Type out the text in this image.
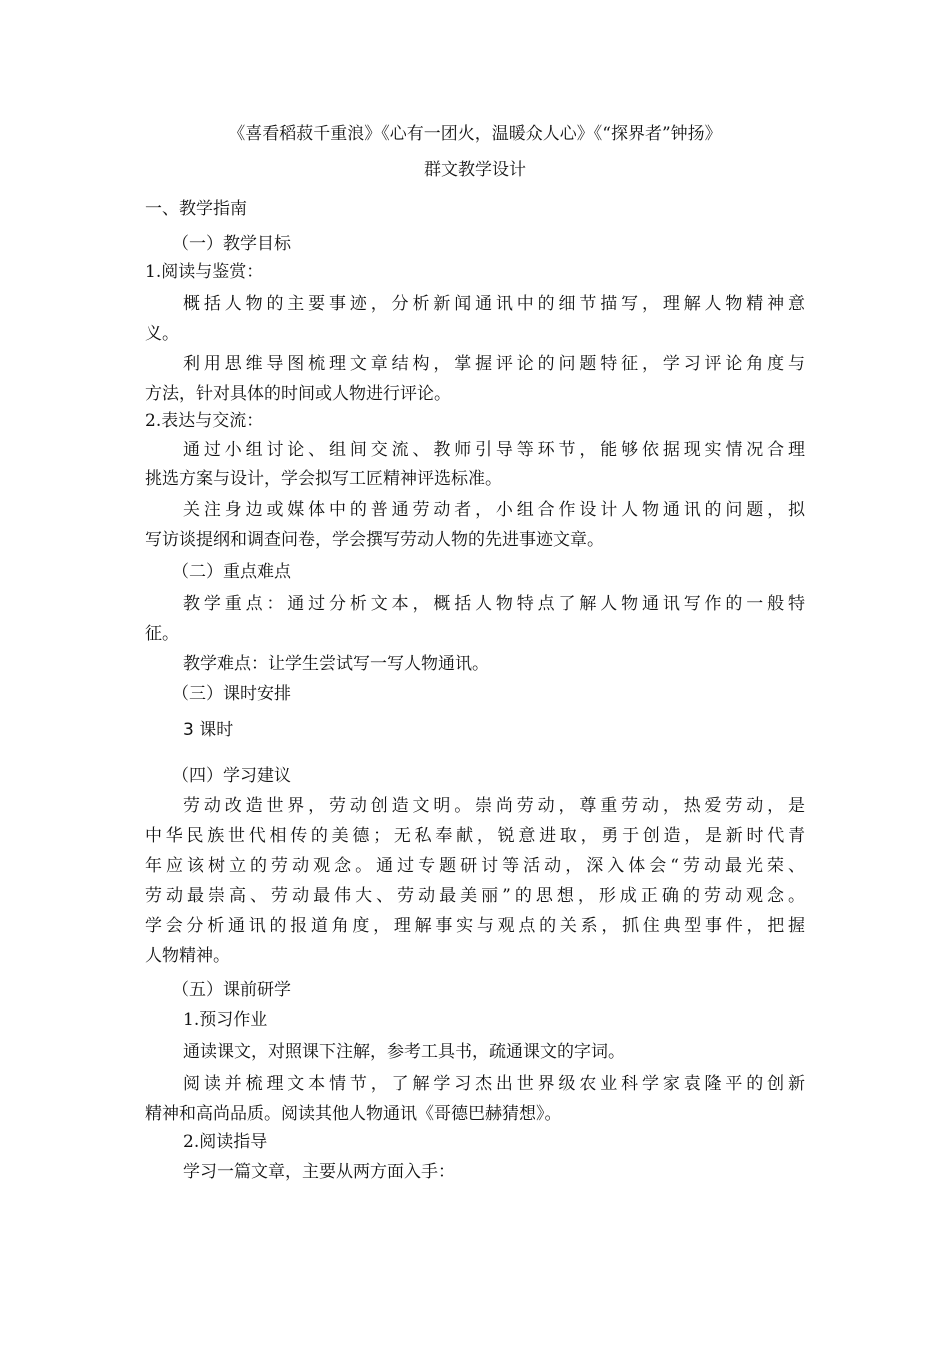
《喜看稻菽千重浪》《心有一团火，温暖众人心》《“探界者”钟扬》
群文教学设计
一、教学指南
（一）教学目标
1.阅读与鉴赏：
概括人物的主要事迹，分析新闻通讯中的细节描写，理解人物精神意
义。
利用思维导图梳理文章结构，掌握评论的问题特征，学习评论角度与
方法，针对具体的时间或人物进行评论。
2.表达与交流：
通过小组讨论、组间交流、教师引导等环节，能够依据现实情况合理
挑选方案与设计，学会拟写工匠精神评选标准。
关注身边或媒体中的普通劳动者，小组合作设计人物通讯的问题，拟
写访谈提纲和调查问卷，学会撰写劳动人物的先进事迹文章。
（二）重点难点
教学重点：通过分析文本，概括人物特点了解人物通讯写作的一般特
征。
教学难点：让学生尝试写一写人物通讯。
（三）课时安排
3 课时
（四）学习建议
劳动改造世界，劳动创造文明。崇尚劳动，尊重劳动，热爱劳动，是
中华民族世代相传的美德；无私奉献，锐意进取，勇于创造，是新时代青
年应该树立的劳动观念。通过专题研讨等活动，深入体会“劳动最光荣、
劳动最崇高、劳动最伟大、劳动最美丽”的思想，形成正确的劳动观念。
学会分析通讯的报道角度，理解事实与观点的关系，抓住典型事件，把握
人物精神。
（五）课前研学
1.预习作业
通读课文，对照课下注解，参考工具书，疏通课文的字词。
阅读并梳理文本情节，了解学习杰出世界级农业科学家袁隆平的创新
精神和高尚品质。阅读其他人物通讯《哥德巴赫猜想》。
2.阅读指导
学习一篇文章，主要从两方面入手：
